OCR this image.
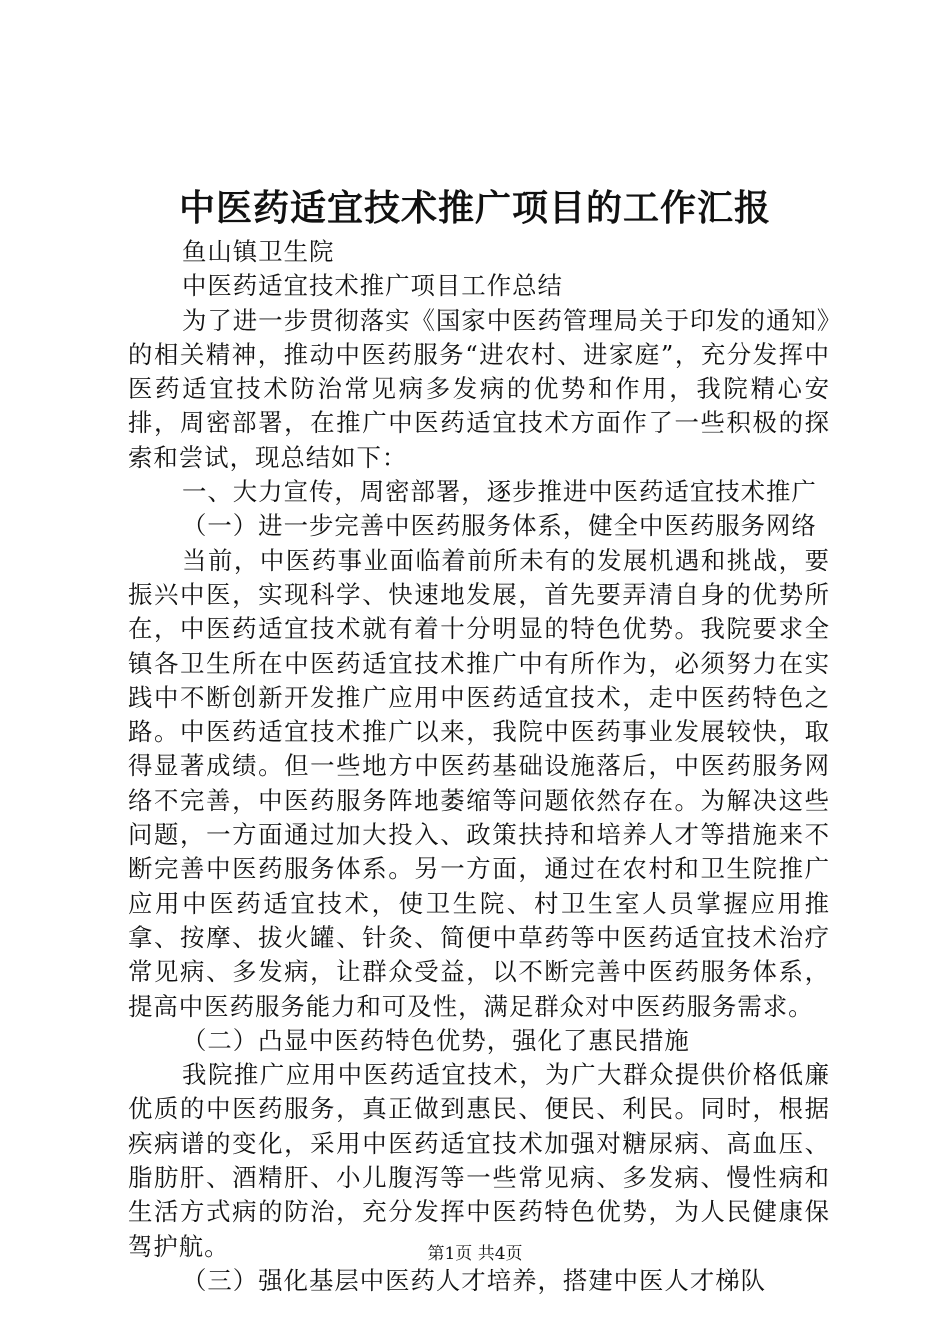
中医药适宜技术推广项目的工作汇报

鱼山镇卫生院

中医药适宜技术推广项目工作总结

为了进一步贯彻落实《国家中医药管理局关于印发的通知》的相关精神，推动中医药服务“进农村、进家庭”，充分发挥中医药适宜技术防治常见病多发病的优势和作用，我院精心安排，周密部署，在推广中医药适宜技术方面作了一些积极的探索和尝试，现总结如下：

一、大力宣传，周密部署，逐步推进中医药适宜技术推广

（一）进一步完善中医药服务体系，健全中医药服务网络

当前，中医药事业面临着前所未有的发展机遇和挑战，要振兴中医，实现科学、快速地发展，首先要弄清自身的优势所在，中医药适宜技术就有着十分明显的特色优势。我院要求全镇各卫生所在中医药适宜技术推广中有所作为，必须努力在实践中不断创新开发推广应用中医药适宜技术，走中医药特色之路。中医药适宜技术推广以来，我院中医药事业发展较快，取得显著成绩。但一些地方中医药基础设施落后，中医药服务网络不完善，中医药服务阵地萎缩等问题依然存在。为解决这些问题，一方面通过加大投入、政策扶持和培养人才等措施来不断完善中医药服务体系。另一方面，通过在农村和卫生院推广应用中医药适宜技术，使卫生院、村卫生室人员掌握应用推拿、按摩、拔火罐、针灸、简便中草药等中医药适宜技术治疗常见病、多发病，让群众受益，以不断完善中医药服务体系，提高中医药服务能力和可及性，满足群众对中医药服务需求。

（二）凸显中医药特色优势，强化了惠民措施

我院推广应用中医药适宜技术，为广大群众提供价格低廉优质的中医药服务，真正做到惠民、便民、利民。同时，根据疾病谱的变化，采用中医药适宜技术加强对糖尿病、高血压、脂肪肝、酒精肝、小儿腹泻等一些常见病、多发病、慢性病和生活方式病的防治，充分发挥中医药特色优势，为人民健康保驾护航。

（三）强化基层中医药人才培养，搭建中医人才梯队

第1页 共4页
